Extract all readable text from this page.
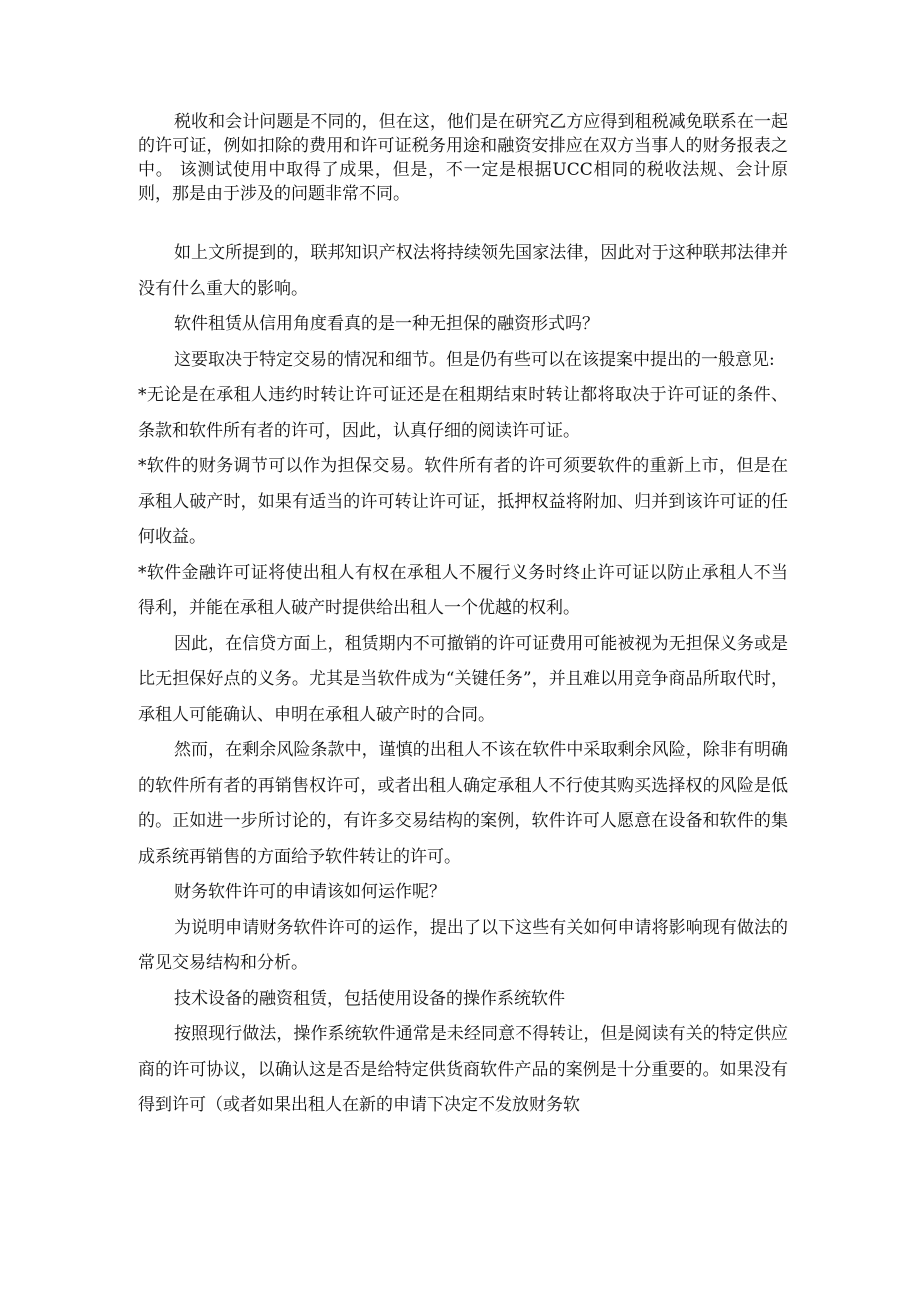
税收和会计问题是不同的，但在这，他们是在研究乙方应得到租税减免联系在一起的许可证，例如扣除的费用和许可证税务用途和融资安排应在双方当事人的财务报表之中。 该测试使用中取得了成果，但是，不一定是根据UCC相同的税收法规、会计原则，那是由于涉及的问题非常不同。

如上文所提到的，联邦知识产权法将持续领先国家法律，因此对于这种联邦法律并没有什么重大的影响。

软件租赁从信用角度看真的是一种无担保的融资形式吗？

这要取决于特定交易的情况和细节。但是仍有些可以在该提案中提出的一般意见:

*无论是在承租人违约时转让许可证还是在租期结束时转让都将取决于许可证的条件、条款和软件所有者的许可，因此，认真仔细的阅读许可证。

*软件的财务调节可以作为担保交易。软件所有者的许可须要软件的重新上市，但是在承租人破产时，如果有适当的许可转让许可证，抵押权益将附加、归并到该许可证的任何收益。

*软件金融许可证将使出租人有权在承租人不履行义务时终止许可证以防止承租人不当得利，并能在承租人破产时提供给出租人一个优越的权利。

因此，在信贷方面上，租赁期内不可撤销的许可证费用可能被视为无担保义务或是比无担保好点的义务。尤其是当软件成为“关键任务”，并且难以用竞争商品所取代时，承租人可能确认、申明在承租人破产时的合同。

然而，在剩余风险条款中，谨慎的出租人不该在软件中采取剩余风险，除非有明确的软件所有者的再销售权许可，或者出租人确定承租人不行使其购买选择权的风险是低的。正如进一步所讨论的，有许多交易结构的案例，软件许可人愿意在设备和软件的集成系统再销售的方面给予软件转让的许可。

财务软件许可的申请该如何运作呢？

为说明申请财务软件许可的运作，提出了以下这些有关如何申请将影响现有做法的常见交易结构和分析。

技术设备的融资租赁，包括使用设备的操作系统软件

按照现行做法，操作系统软件通常是未经同意不得转让，但是阅读有关的特定供应商的许可协议，以确认这是否是给特定供货商软件产品的案例是十分重要的。如果没有得到许可（或者如果出租人在新的申请下决定不发放财务软
